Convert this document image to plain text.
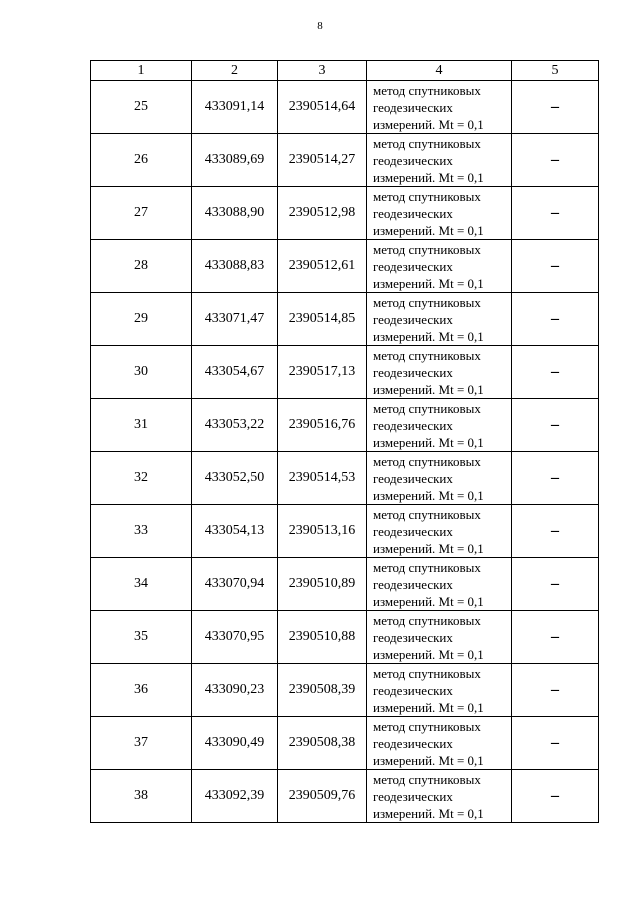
8
1	2	3	4	5
25	433091,14	2390514,64	метод спутниковых
геодезических
измерений. Mt = 0,1	–
26	433089,69	2390514,27	метод спутниковых
геодезических
измерений. Mt = 0,1	–
27	433088,90	2390512,98	метод спутниковых
геодезических
измерений. Mt = 0,1	–
28	433088,83	2390512,61	метод спутниковых
геодезических
измерений. Mt = 0,1	–
29	433071,47	2390514,85	метод спутниковых
геодезических
измерений. Mt = 0,1	–
30	433054,67	2390517,13	метод спутниковых
геодезических
измерений. Mt = 0,1	–
31	433053,22	2390516,76	метод спутниковых
геодезических
измерений. Mt = 0,1	–
32	433052,50	2390514,53	метод спутниковых
геодезических
измерений. Mt = 0,1	–
33	433054,13	2390513,16	метод спутниковых
геодезических
измерений. Mt = 0,1	–
34	433070,94	2390510,89	метод спутниковых
геодезических
измерений. Mt = 0,1	–
35	433070,95	2390510,88	метод спутниковых
геодезических
измерений. Mt = 0,1	–
36	433090,23	2390508,39	метод спутниковых
геодезических
измерений. Mt = 0,1	–
37	433090,49	2390508,38	метод спутниковых
геодезических
измерений. Mt = 0,1	–
38	433092,39	2390509,76	метод спутниковых
геодезических
измерений. Mt = 0,1	–
